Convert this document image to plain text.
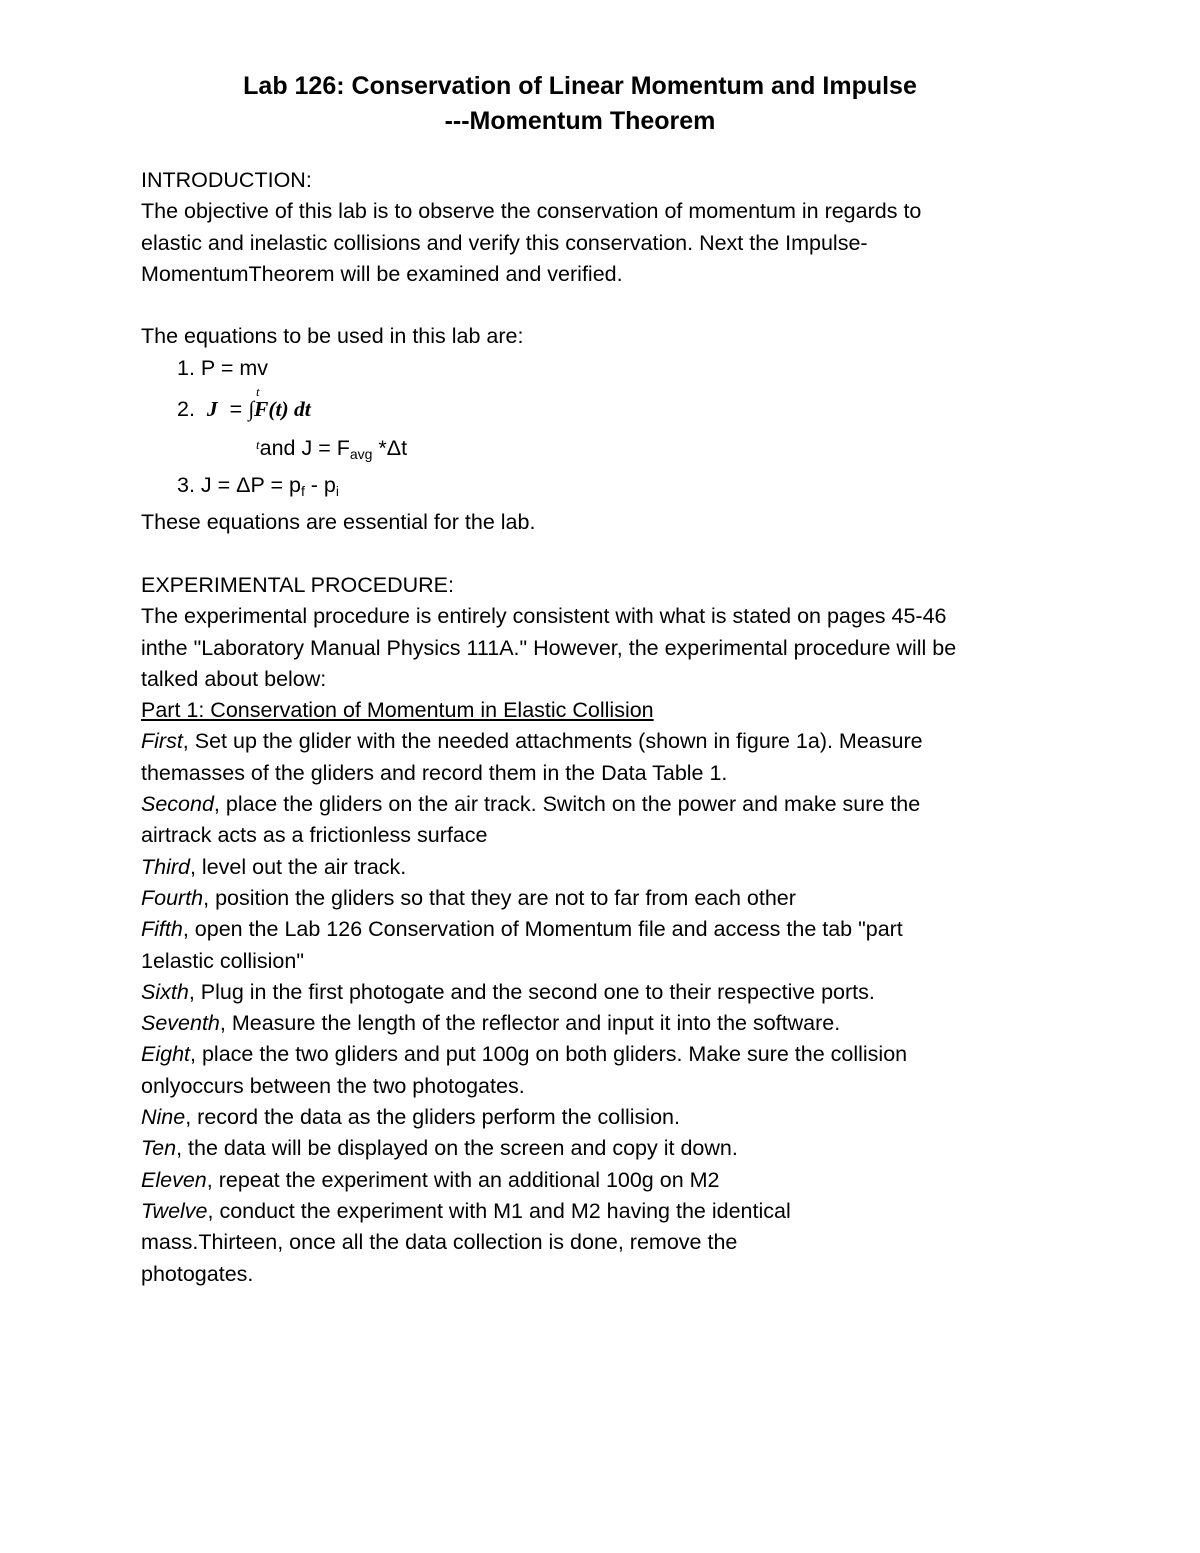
Lab 126: Conservation of Linear Momentum and Impulse
---Momentum Theorem
INTRODUCTION:
The objective of this lab is to observe the conservation of momentum in regards to
elastic and inelastic collisions and verify this conservation. Next the Impulse-
MomentumTheorem will be examined and verified.
The equations to be used in this lab are:
1. P = mv
t
2. J = ∫F(t) dt
$^t$and $J = F_{avg}$ *Δt
3. $J = \Delta P = p_f - p_i$
These equations are essential for the lab.
EXPERIMENTAL PROCEDURE:
The experimental procedure is entirely consistent with what is stated on pages 45-46
inthe "Laboratory Manual Physics 111A." However, the experimental procedure will be
talked about below:
Part 1: Conservation of Momentum in Elastic Collision
First, Set up the glider with the needed attachments (shown in figure 1a). Measure
themasses of the gliders and record them in the Data Table 1.
Second, place the gliders on the air track. Switch on the power and make sure the
airtrack acts as a frictionless surface
Third, level out the air track.
Fourth, position the gliders so that they are not to far from each other
Fifth, open the Lab 126 Conservation of Momentum file and access the tab "part
1elastic collision"
Sixth, Plug in the first photogate and the second one to their respective ports.
Seventh, Measure the length of the reflector and input it into the software.
Eight, place the two gliders and put 100g on both gliders. Make sure the collision
onlyoccurs between the two photogates.
Nine, record the data as the gliders perform the collision.
Ten, the data will be displayed on the screen and copy it down.
Eleven, repeat the experiment with an additional 100g on M2
Twelve, conduct the experiment with M1 and M2 having the identical
mass.Thirteen, once all the data collection is done, remove the
photogates.
